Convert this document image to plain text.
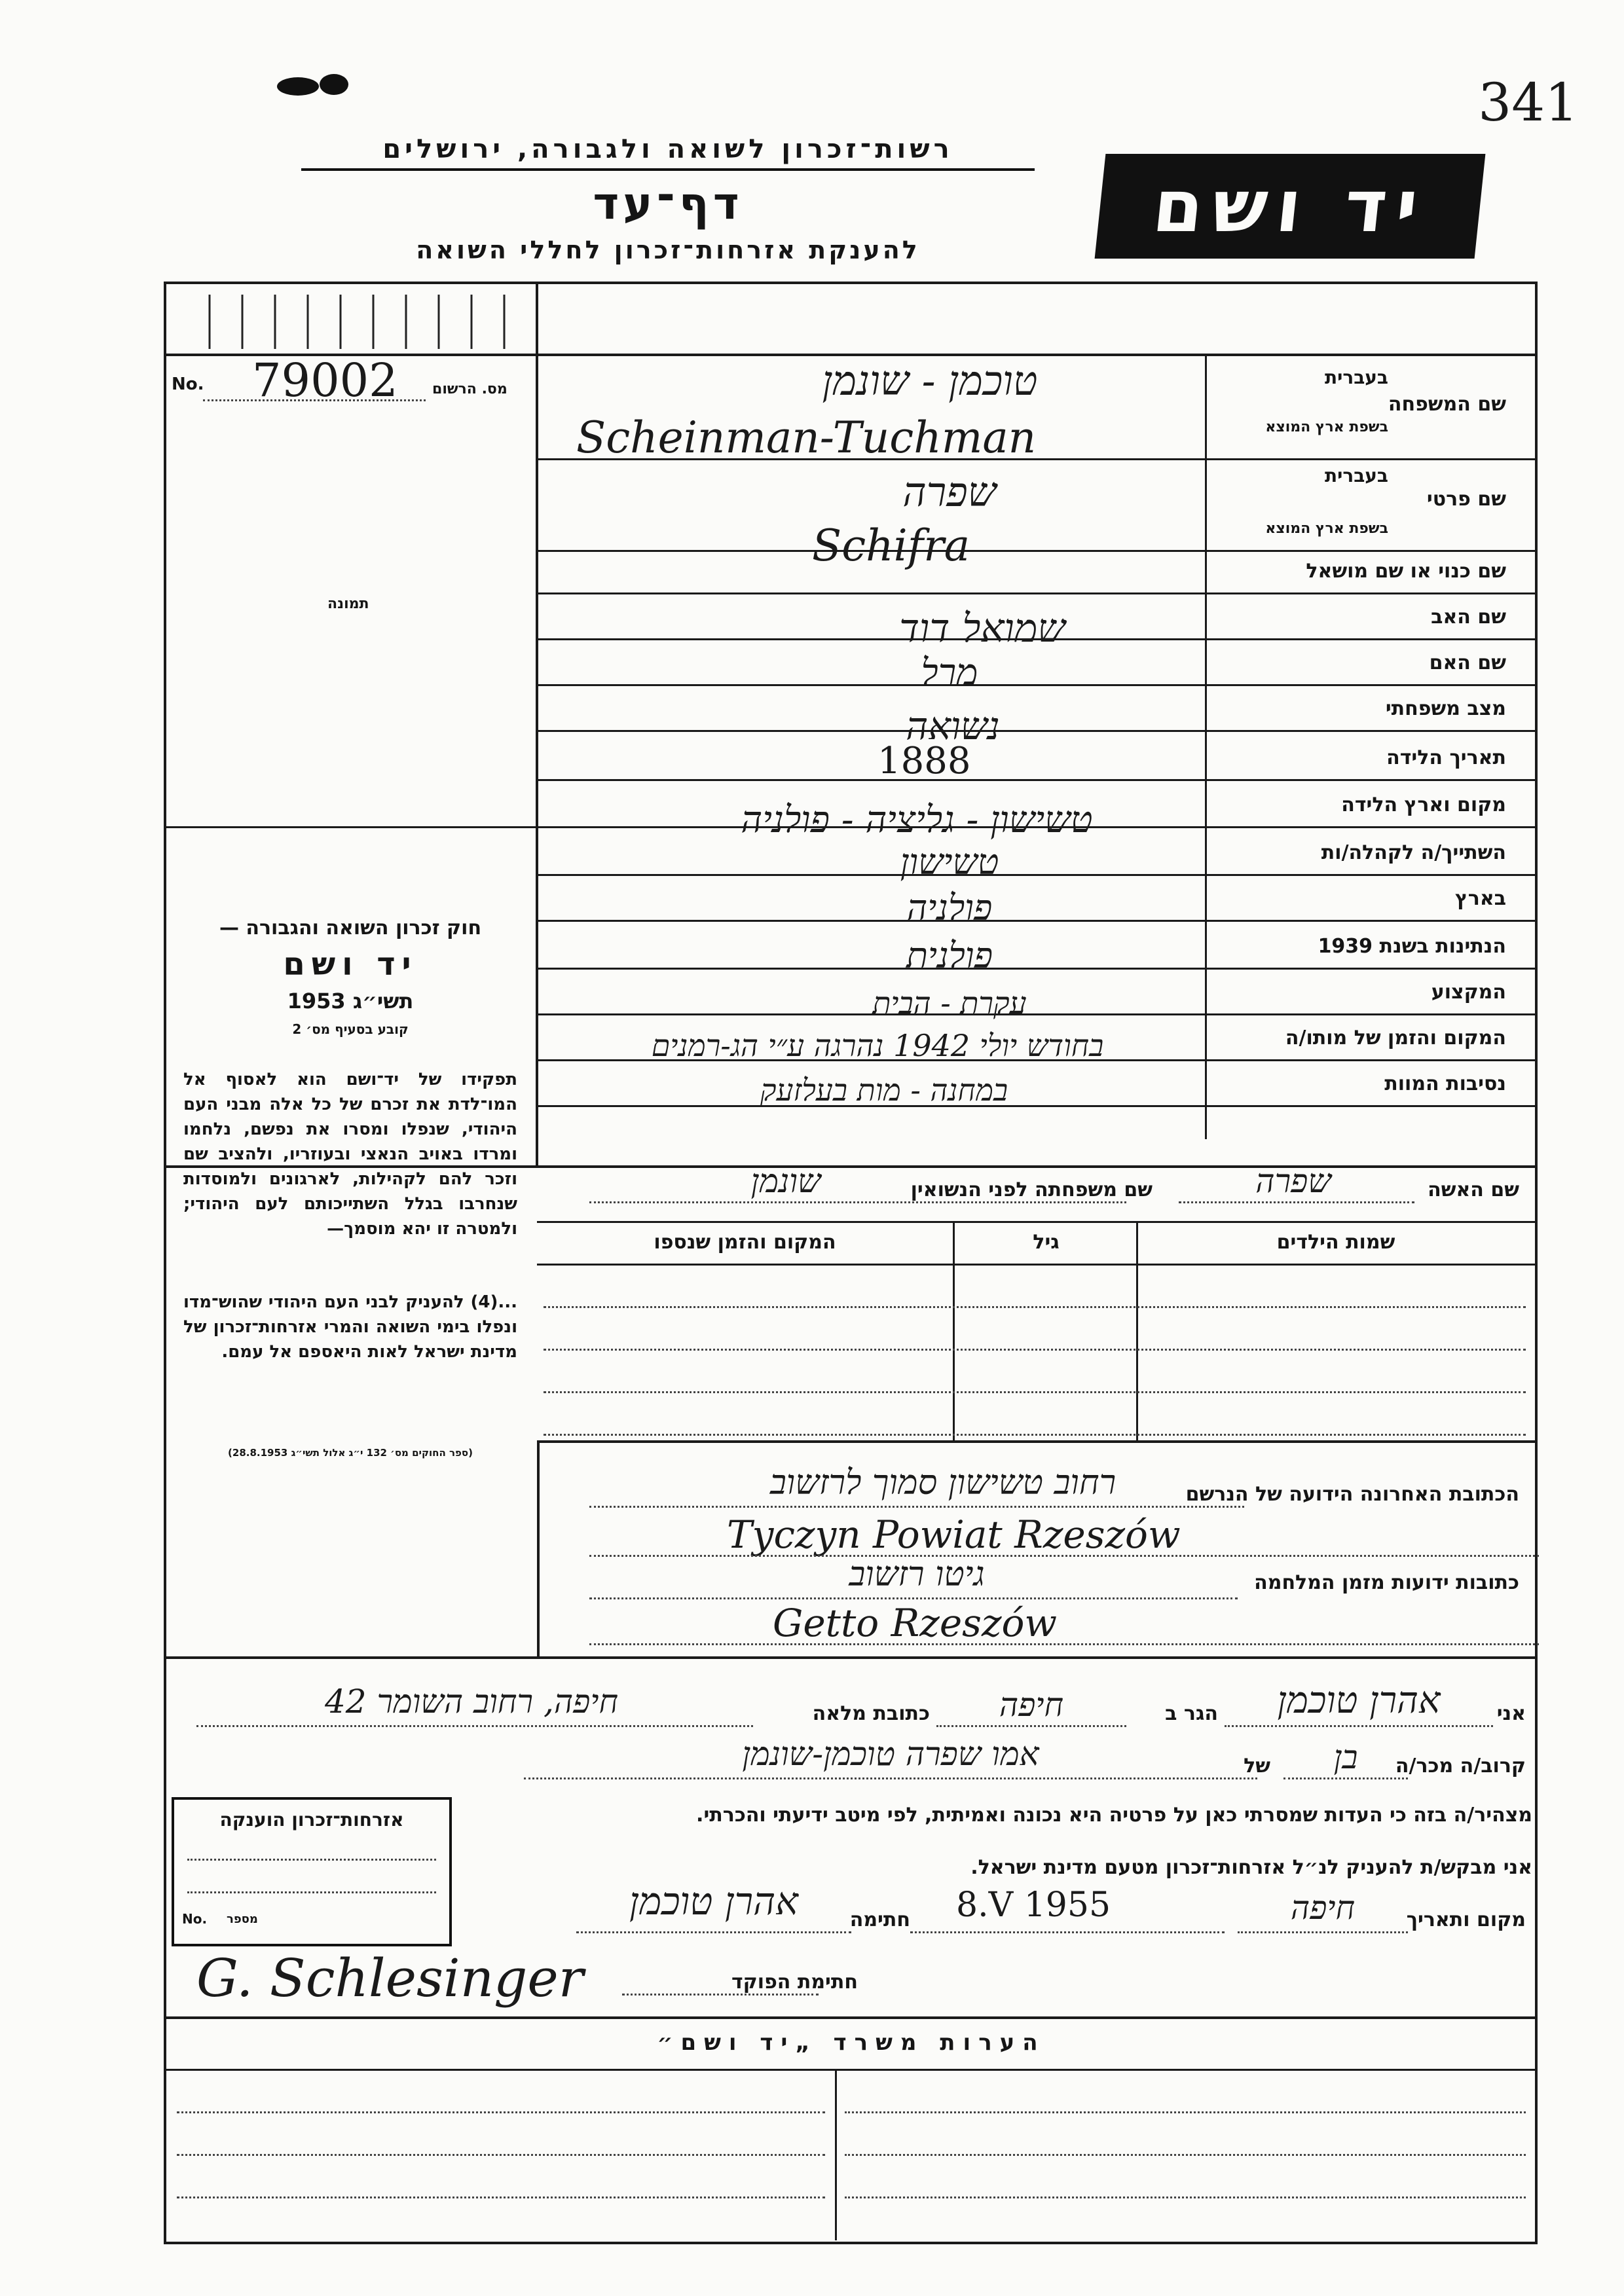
341
רשות־זכרון לשואה ולגבורה, ירושלים
דף־עד
להענקת אזרחות־זכרון לחללי השואה
יד ושם
No. 79002 מס. הרשום
תמונה
חוק זכרון השואה והגבורה —
יד ושם
תשי״ג 1953
קובע בסעיף מס׳ 2
תפקידו של יד־ושם הוא לאסוף אל המו־לדת את זכרם של כל אלה מבני העם היהודי, שנפלו ומסרו את נפשם, נלחמו ומרדו באויב הנאצי ובעוזריו, ולהציב שם וזכר להם לקהילות, לארגונים ולמוסדות שנחרבו בגלל השתייכותם לעם היהודי; ולמטרה זו יהא מוסמך—
...(4) להעניק לבני העם היהודי שהוש־מדו ונפלו בימי השואה והמרי אזרחות־זכרון של מדינת ישראל לאות היאספם אל עמם.
(ספר החוקים מס׳ 132 י״ג אלול תשי״ג 28.8.1953)
שם המשפחה
בעברית
בשפת ארץ המוצא
שם פרטי
בעברית
בשפת ארץ המוצא
שם כנוי או שם מושאל
שם האב
שם האם
מצב משפחתי
תאריך הלידה
מקום וארץ הלידה
השתייך/ה לקהלה/ות
בארץ
הנתינות בשנת 1939
המקצוע
המקום והזמן של מותו/ה
נסיבות המוות
טוכמן - שונמן
Scheinman-Tuchman
שפרה
Schifra
שמואל דוד
מרל
נשואה
1888
טשישון - גליציה - פולניה
טשישון
פולניה
פולנית
עקרת - הבית
בחודש יולי 1942 נהרגה ע״י הג-רמנים
במחנה - מות בעלזעק
שם האשה
שפרה
שם משפחתה לפני הנשואין
שונמן
שמות הילדים
גיל
המקום והזמן שנספו
הכתובת האחרונה הידועה של הנרשם
רחוב טשישון סמוך לרזשוב
Tyczyn Powiat Rzeszów
כתובות ידועות מזמן המלחמה
גיטו רזשוב
Getto Rzeszów
אני
אהרן טוכמן
הגר ב
חיפה
כתובת מלאה
חיפה, רחוב השומר 42
קרוב/ה מכר/ה
בן
של
אמו שפרה טוכמן-שונמן
מצהיר/ה בזה כי העדות שמסרתי כאן על פרטיה היא נכונה ואמיתית, לפי מיטב ידיעתי והכרתי.
אני מבקש/ת להעניק לנ״ל אזרחות־זכרון מטעם מדינת ישראל.
מקום ותאריך
חיפה
8.V 1955
חתימה
אהרן טוכמן
חתימת הפוקד
G. Schlesinger
אזרחות־זכרון הוענקה
No. מספר
הערות משרד „יד ושם״
